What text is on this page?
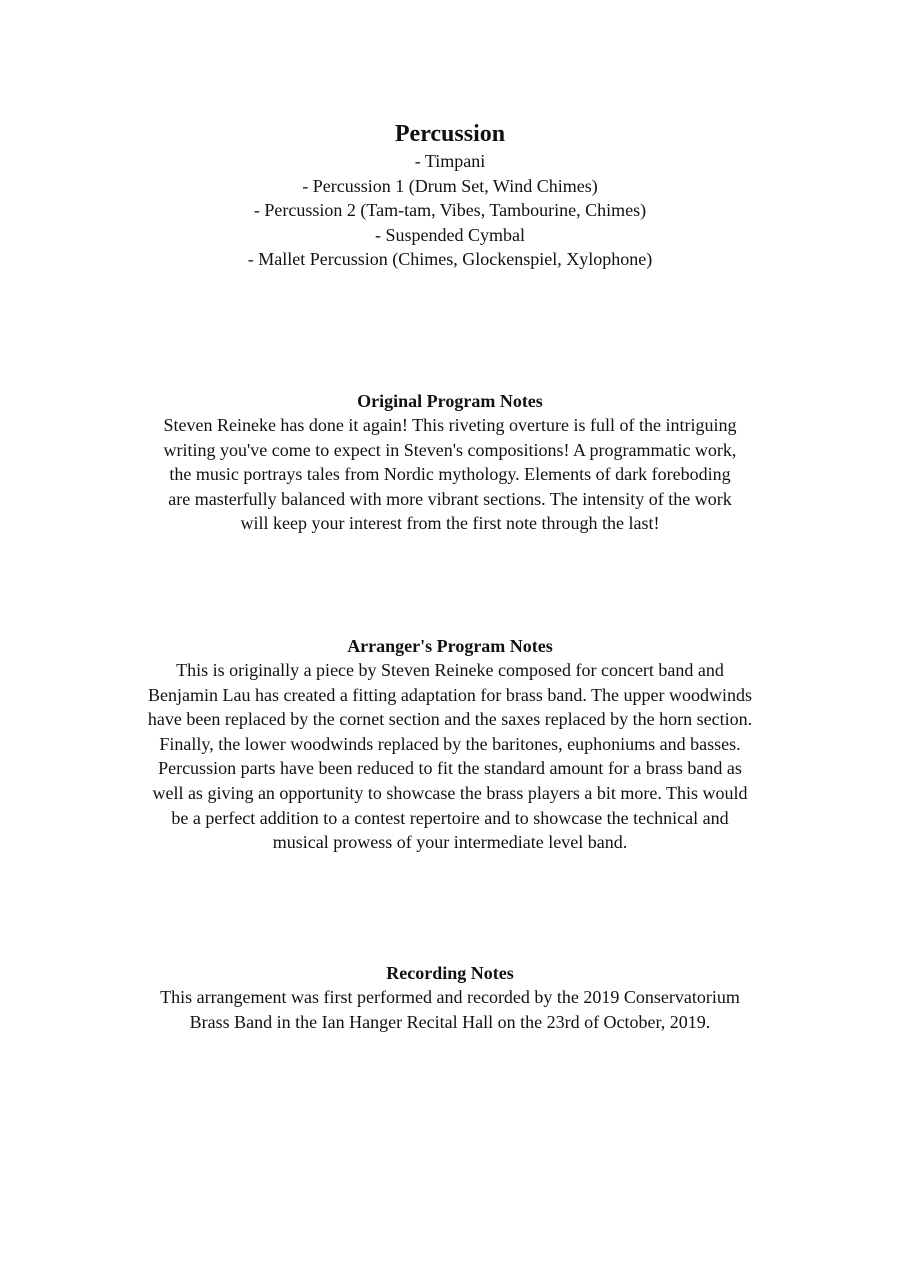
Percussion

- Timpani

- Percussion 1 (Drum Set, Wind Chimes)

- Percussion 2 (Tam-tam, Vibes, Tambourine, Chimes)

- Suspended Cymbal

- Mallet Percussion (Chimes, Glockenspiel, Xylophone)

Original Program Notes

Steven Reineke has done it again! This riveting overture is full of the intriguing

writing you've come to expect in Steven's compositions! A programmatic work,

the music portrays tales from Nordic mythology. Elements of dark foreboding

are masterfully balanced with more vibrant sections. The intensity of the work

will keep your interest from the first note through the last!

Arranger's Program Notes

This is originally a piece by Steven Reineke composed for concert band and

Benjamin Lau has created a fitting adaptation for brass band. The upper woodwinds

have been replaced by the cornet section and the saxes replaced by the horn section.

Finally, the lower woodwinds replaced by the baritones, euphoniums and basses.

Percussion parts have been reduced to fit the standard amount for a brass band as

well as giving an opportunity to showcase the brass players a bit more. This would

be a perfect addition to a contest repertoire and to showcase the technical and

musical prowess of your intermediate level band.

Recording Notes

This arrangement was first performed and recorded by the 2019 Conservatorium

Brass Band in the Ian Hanger Recital Hall on the 23rd of October, 2019.
